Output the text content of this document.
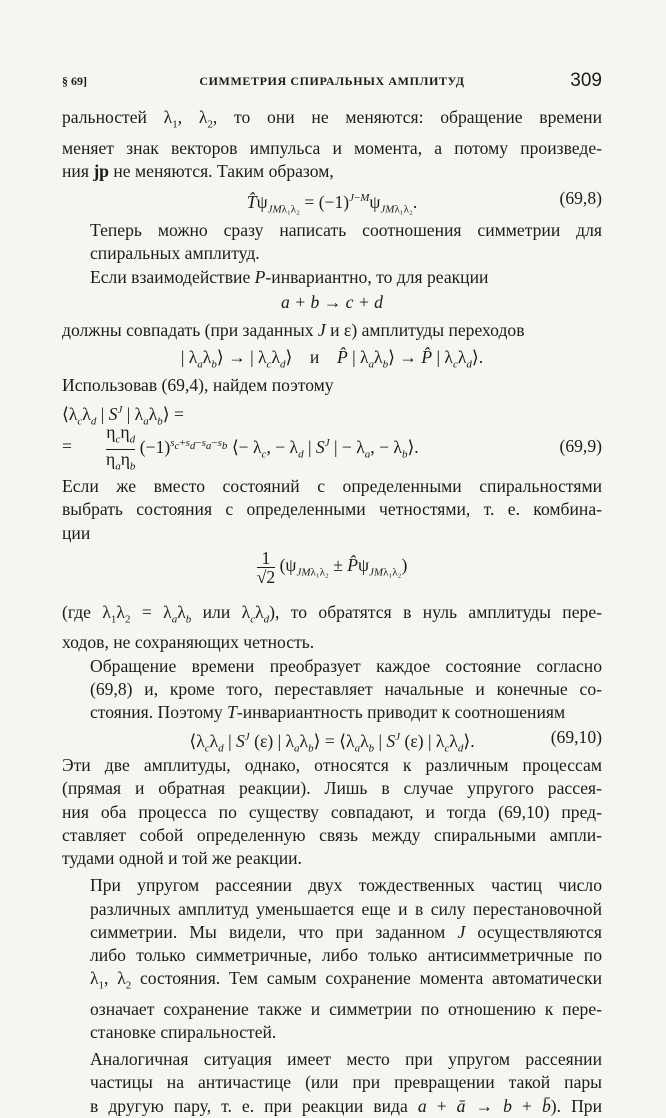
§ 69]	СИММЕТРИЯ СПИРАЛЬНЫХ АМПЛИТУД	309

ральностей $\lambda_1$, $\lambda_2$, то они не меняются: обращение времени
меняет знак векторов импульса и момента, а потому произведе-
ния jp не меняются. Таким образом,

$T̂\psi_{JM\lambda_1\lambda_2} = (-1)^{J-M}\psi_{JM\lambda_1\lambda_2}$.	(69,8)

Теперь можно сразу написать соотношения симметрии для
спиральных амплитуд.

Если взаимодействие P-инвариантно, то для реакции

a + b → c + d

должны совпадать (при заданных J и ε) амплитуды переходов

| $\lambda_a\lambda_b⟩$ → | $\lambda_c\lambda_d⟩$    и    P̂ | $\lambda_a\lambda_b⟩$ → P̂ | $\lambda_c\lambda_d⟩$.

Использовав (69,4), найдем поэтому

$⟨\lambda_c\lambda_d$ | $S^J$ | $\lambda_a\lambda_b⟩$ =
= $\frac{\eta_c\eta_d}{\eta_a\eta_b} (-1)^{s_c+s_d-s_a-s_b}$ ⟨− $\lambda_c$, − $\lambda_d$ | $S^J$ | − $\lambda_a$, − $\lambda_b⟩$.	(69,9)

Если же вместо состояний с определенными спиральностями
выбрать состояния с определенными четностями, т. е. комбина-
ции

$\frac{1}{√2} (\psi_{JM\lambda_1\lambda_2}$ ± $P̂\psi_{JM\lambda_1\lambda_2}$)

(где $\lambda_1\lambda_2 = \lambda_a\lambda_b$ или $\lambda_c\lambda_d$), то обратятся в нуль амплитуды пере-
ходов, не сохраняющих четность.

Обращение времени преобразует каждое состояние согласно
(69,8) и, кроме того, переставляет начальные и конечные со-
стояния. Поэтому T-инвариантность приводит к соотношениям

$⟨\lambda_c\lambda_d$ | $S^J$ (ε) | $\lambda_a\lambda_b⟩$ = $⟨\lambda_a\lambda_b$ | $S^J$ (ε) | $\lambda_c\lambda_d⟩$.	(69,10)

Эти две амплитуды, однако, относятся к различным процессам
(прямая и обратная реакции). Лишь в случае упругого рассея-
ния оба процесса по существу совпадают, и тогда (69,10) пред-
ставляет собой определенную связь между спиральными ампли-
тудами одной и той же реакции.

При упругом рассеянии двух тождественных частиц число
различных амплитуд уменьшается еще и в силу перестановочной
симметрии. Мы видели, что при заданном J осуществляются
либо только симметричные, либо только антисимметричные по
$\lambda_1$, $\lambda_2$ состояния. Тем самым сохранение момента автоматически
означает сохранение также и симметрии по отношению к пере-
становке спиральностей.

Аналогичная ситуация имеет место при упругом рассеянии
частицы на античастице (или при превращении такой пары
в другую пару, т. е. при реакции вида a + ā → b + b̄). При
